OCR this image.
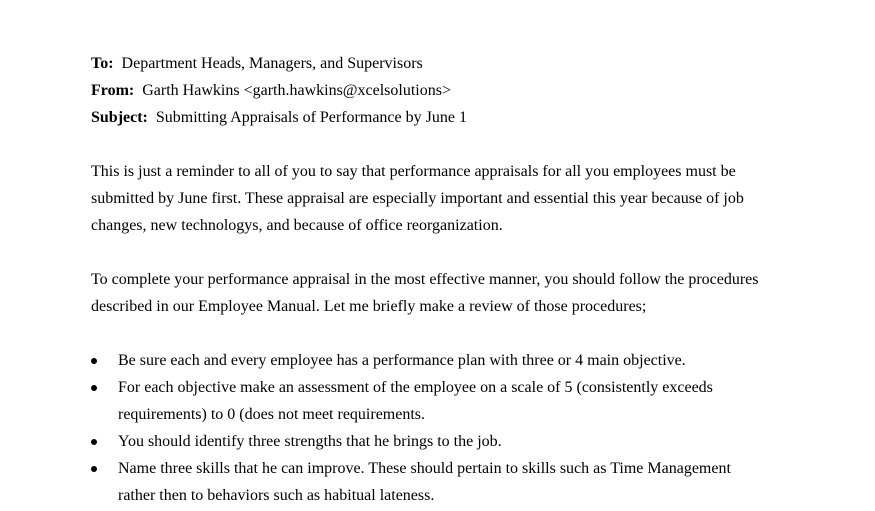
To: Department Heads, Managers, and Supervisors
From: Garth Hawkins <garth.hawkins@xcelsolutions>
Subject: Submitting Appraisals of Performance by June 1

This is just a reminder to all of you to say that performance appraisals for all you employees must be
submitted by June first. These appraisal are especially important and essential this year because of job
changes, new technologys, and because of office reorganization.

To complete your performance appraisal in the most effective manner, you should follow the procedures
described in our Employee Manual. Let me briefly make a review of those procedures;

Be sure each and every employee has a performance plan with three or 4 main objective.
For each objective make an assessment of the employee on a scale of 5 (consistently exceeds
requirements) to 0 (does not meet requirements.
You should identify three strengths that he brings to the job.
Name three skills that he can improve. These should pertain to skills such as Time Management
rather then to behaviors such as habitual lateness.
